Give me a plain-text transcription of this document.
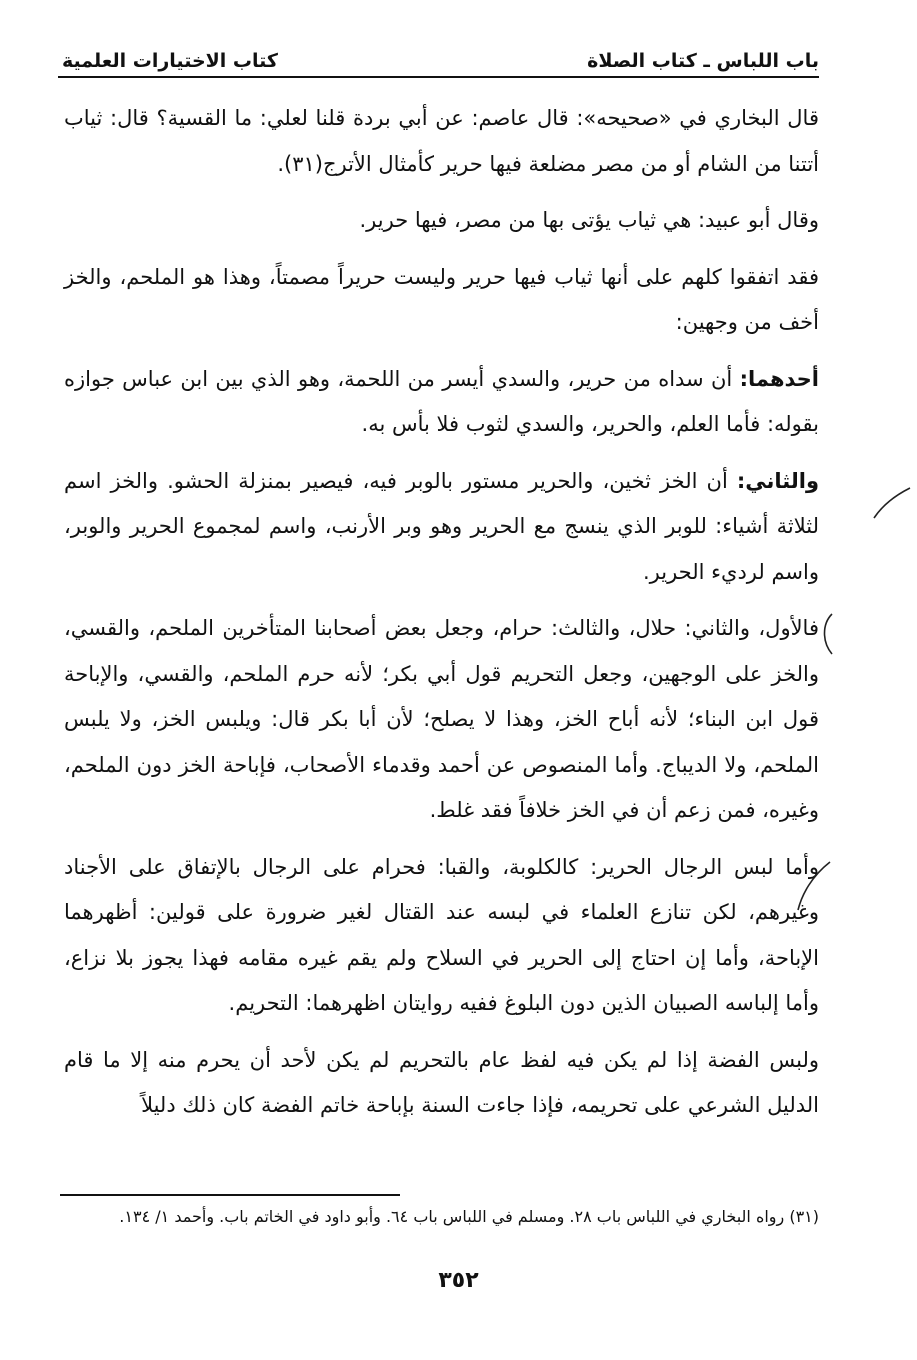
باب اللباس ـ كتاب الصلاة
كتاب الاختيارات العلمية

قال البخاري في «صحيحه»: قال عاصم: عن أبي بردة قلنا لعلي: ما القسية؟ قال: ثياب أتتنا من الشام أو من مصر مضلعة فيها حرير كأمثال الأترج(٣١).

وقال أبو عبيد: هي ثياب يؤتى بها من مصر، فيها حرير.

فقد اتفقوا كلهم على أنها ثياب فيها حرير وليست حريراً مصمتاً، وهذا هو الملحم، والخز أخف من وجهين:

أحدهما: أن سداه من حرير، والسدي أيسر من اللحمة، وهو الذي بين ابن عباس جوازه بقوله: فأما العلم، والحرير، والسدي لثوب فلا بأس به.

والثاني: أن الخز ثخين، والحرير مستور بالوبر فيه، فيصير بمنزلة الحشو. والخز اسم لثلاثة أشياء: للوبر الذي ينسج مع الحرير وهو وبر الأرنب، واسم لمجموع الحرير والوبر، واسم لرديء الحرير.

فالأول، والثاني: حلال، والثالث: حرام، وجعل بعض أصحابنا المتأخرين الملحم، والقسي، والخز على الوجهين، وجعل التحريم قول أبي بكر؛ لأنه حرم الملحم، والقسي، والإباحة قول ابن البناء؛ لأنه أباح الخز، وهذا لا يصلح؛ لأن أبا بكر قال: ويلبس الخز، ولا يلبس الملحم، ولا الديباج. وأما المنصوص عن أحمد وقدماء الأصحاب، فإباحة الخز دون الملحم، وغيره، فمن زعم أن في الخز خلافاً فقد غلط.

وأما لبس الرجال الحرير: كالكلوبة، والقبا: فحرام على الرجال بالإتفاق على الأجناد وغيرهم، لكن تنازع العلماء في لبسه عند القتال لغير ضرورة على قولين: أظهرهما الإباحة، وأما إن احتاج إلى الحرير في السلاح ولم يقم غيره مقامه فهذا يجوز بلا نزاع، وأما إلباسه الصبيان الذين دون البلوغ ففيه روايتان اظهرهما: التحريم.

ولبس الفضة إذا لم يكن فيه لفظ عام بالتحريم لم يكن لأحد أن يحرم منه إلا ما قام الدليل الشرعي على تحريمه، فإذا جاءت السنة بإباحة خاتم الفضة كان ذلك دليلاً

(٣١) رواه البخاري في اللباس باب ٢٨. ومسلم في اللباس باب ٦٤. وأبو داود في الخاتم باب. وأحمد ١/ ١٣٤.
٣٥٢
